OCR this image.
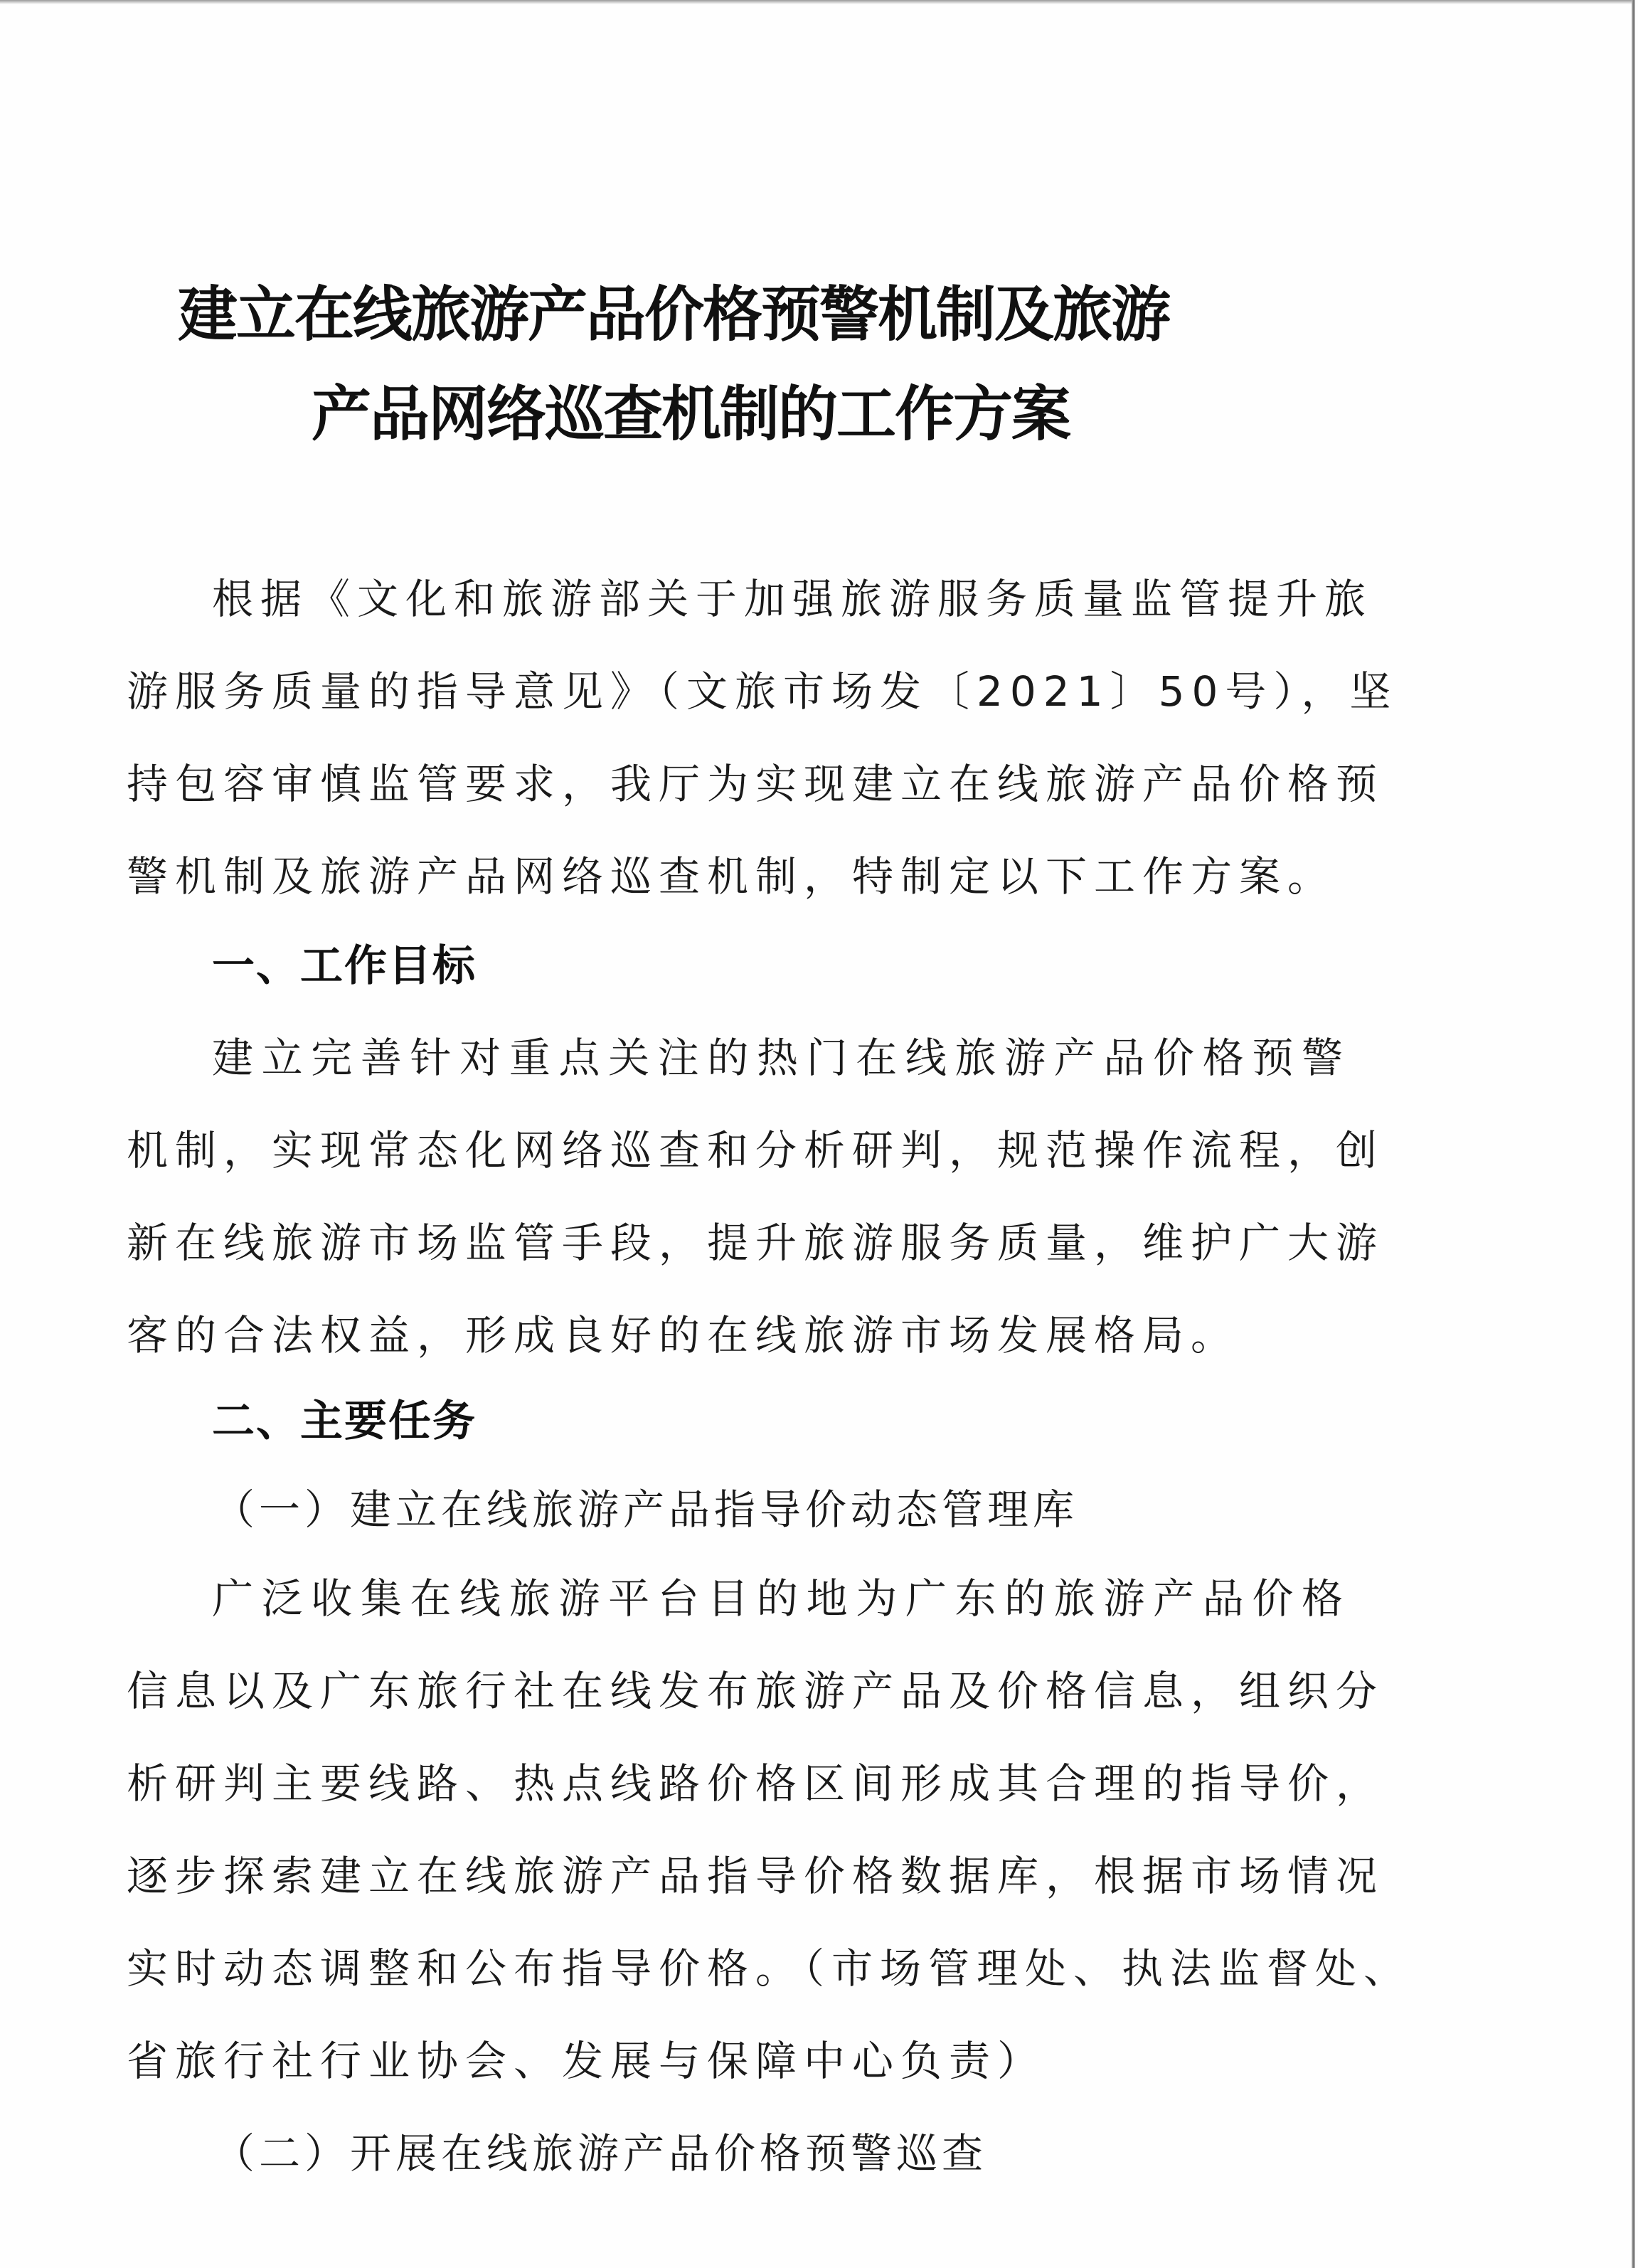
建立在线旅游产品价格预警机制及旅游
产品网络巡查机制的工作方案
根据《文化和旅游部关于加强旅游服务质量监管提升旅
游服务质量的指导意见》（文旅市场发〔2021〕50号），坚
持包容审慎监管要求，我厅为实现建立在线旅游产品价格预
警机制及旅游产品网络巡查机制，特制定以下工作方案。
一、工作目标
建立完善针对重点关注的热门在线旅游产品价格预警
机制，实现常态化网络巡查和分析研判，规范操作流程，创
新在线旅游市场监管手段，提升旅游服务质量，维护广大游
客的合法权益，形成良好的在线旅游市场发展格局。
二、主要任务
（一）建立在线旅游产品指导价动态管理库
广泛收集在线旅游平台目的地为广东的旅游产品价格
信息以及广东旅行社在线发布旅游产品及价格信息，组织分
析研判主要线路、热点线路价格区间形成其合理的指导价，
逐步探索建立在线旅游产品指导价格数据库，根据市场情况
实时动态调整和公布指导价格。（市场管理处、执法监督处、
省旅行社行业协会、发展与保障中心负责）
（二）开展在线旅游产品价格预警巡查
